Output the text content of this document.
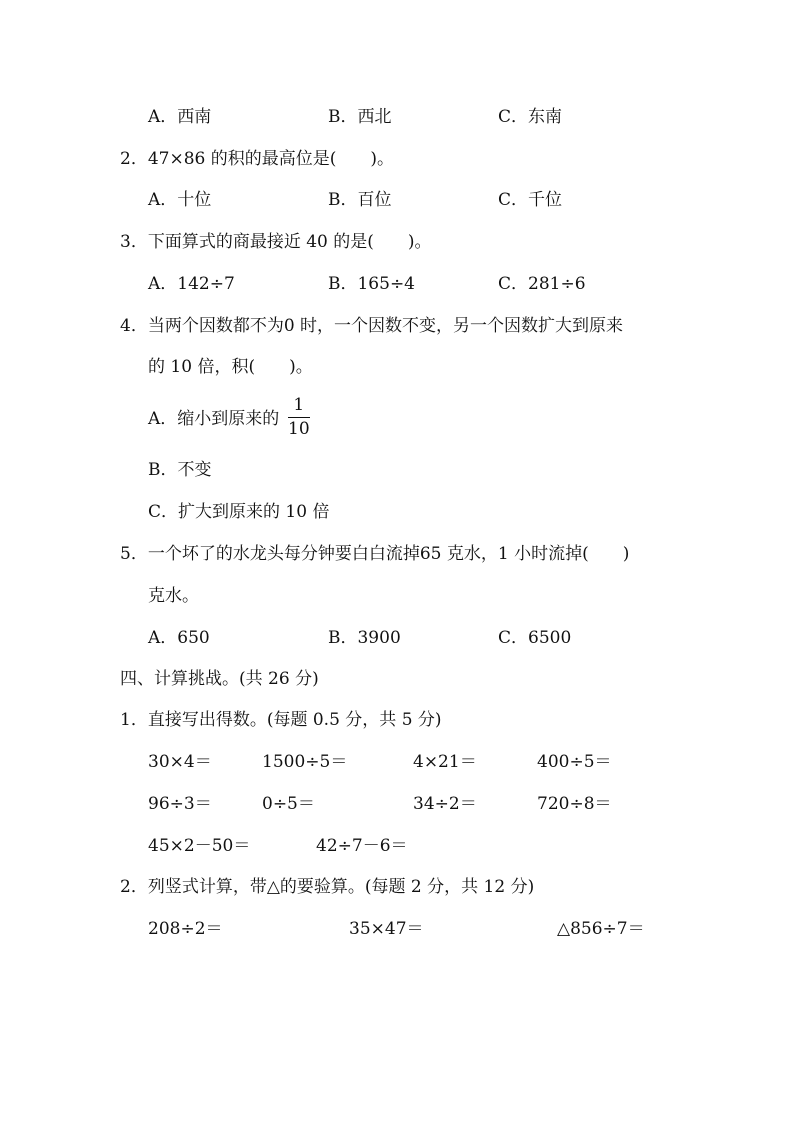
A．西南	B．西北	C．东南
2．47×86 的积的最高位是(　　)。
A．十位	B．百位	C．千位
3．下面算式的商最接近 40 的是(　　)。
A．142÷7	B．165÷4	C．281÷6
4．当两个因数都不为0 时，一个因数不变，另一个因数扩大到原来
的 10 倍，积(　　)。
A．缩小到原来的 $\frac{1}{10}$
B．不变
C．扩大到原来的 10 倍
5．一个坏了的水龙头每分钟要白白流掉65 克水，1 小时流掉(　　)
克水。
A．650	B．3900	C．6500
四、计算挑战。(共 26 分)
1．直接写出得数。(每题 0.5 分，共 5 分)
30×4＝	1500÷5＝	4×21＝	400÷5＝
96÷3＝	0÷5＝	34÷2＝	720÷8＝
45×2－50＝	42÷7－6＝
2．列竖式计算，带△的要验算。(每题 2 分，共 12 分)
208÷2＝	35×47＝	△856÷7＝
